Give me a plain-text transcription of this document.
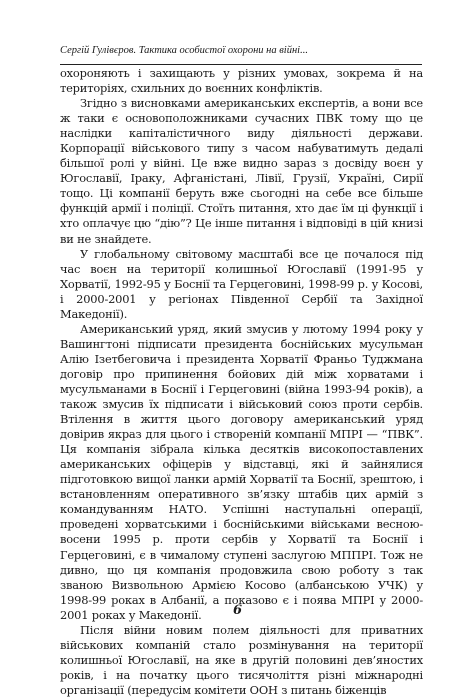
Сергій Гулівєров. Тактика особистої охорони на війні...

охороняють і захищають у різних умовах, зокрема й на територіях, схильних до воєнних конфліктів.

Згідно з висновками американських експертів, а вони все ж таки є основоположниками сучасних ПВК тому що це наслідки капіталістичного виду діяльності держави. Корпорації військового типу з часом набуватимуть дедалі більшої ролі у війні. Це вже видно зараз з досвіду воєн у Югославії, Іраку, Афганістані, Лівії, Грузії, Україні, Сирії тощо. Ці компанії беруть вже сьогодні на себе все більше функцій армії і поліції. Стоїть питання, хто дає їм ці функції і хто оплачує цю “дію”? Це інше питання і відповіді в цій книзі ви не знайдете.

У глобальному світовому масштабі все це почалося під час воєн на території колишньої Югославії (1991-95 у Хорватії, 1992-95 у Боснії та Герцеговині, 1998-99 р. у Косові, і 2000-2001 у регіонах Південної Сербії та Західної Македонії).

Американський уряд, який змусив у лютому 1994 року у Вашингтоні підписати президента боснійських мусульман Алію Ізетбеговича і президента Хорватії Франьо Туджмана договір про припинення бойових дій між хорватами і мусульманами в Боснії і Герцеговині (війна 1993-94 років), а також змусив їх підписати і військовий союз проти сербів. Втілення в життя цього договору американський уряд довірив якраз для цього і створеній компанії МПРІ — “ПВК”. Ця компанія зібрала кілька десятків високопоставлених американських офіцерів у відставці, які й зайнялися підготовкою вищої ланки армій Хорватії та Боснії, зрештою, і встановленням оперативного зв’язку штабів цих армій з командуванням НАТО. Успішні наступальні операції, проведені хорватськими і боснійськими військами весною-восени 1995 р. проти сербів у Хорватії та Боснії і Герцеговині, є в чималому ступені заслугою МППРІ. Тож не дивно, що ця компанія продовжила свою роботу з так званою Визвольною Армією Косово (албанською УЧК) у 1998-99 роках в Албанії, а показово є і поява МПРІ у 2000-2001 роках у Македонії.

Після війни новим полем діяльності для приватних військових компаній стало розмінування на території колишньої Югославії, на яке в другій половині дев’яностих років, і на початку цього тисячоліття різні міжнародні організації (передусім комітети ООН з питань біженців

6
